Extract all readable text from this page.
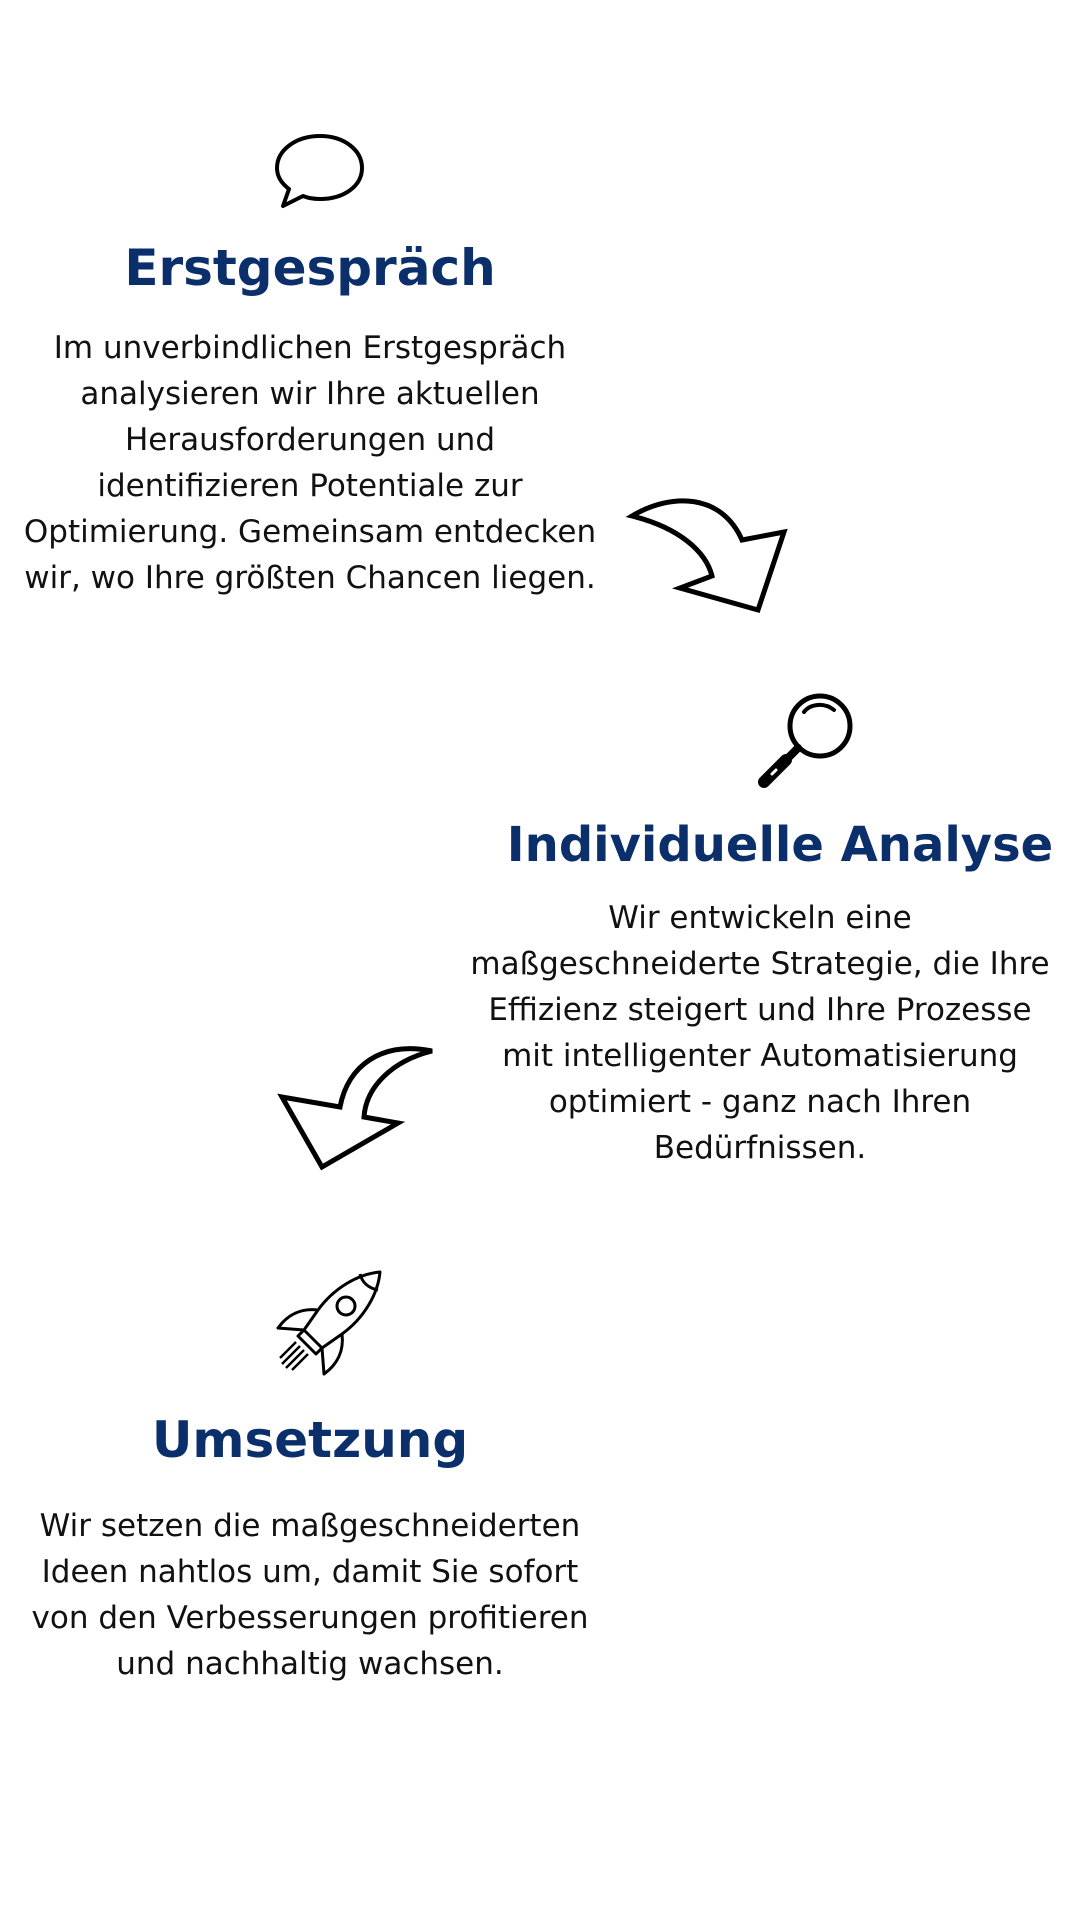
Erstgespräch

Im unverbindlichen Erstgespräch analysieren wir Ihre aktuellen Herausforderungen und identifizieren Potentiale zur Optimierung. Gemeinsam entdecken wir, wo Ihre größten Chancen liegen.

Individuelle Analyse

Wir entwickeln eine maßgeschneiderte Strategie, die Ihre Effizienz steigert und Ihre Prozesse mit intelligenter Automatisierung optimiert - ganz nach Ihren Bedürfnissen.

Umsetzung

Wir setzen die maßgeschneiderten Ideen nahtlos um, damit Sie sofort von den Verbesserungen profitieren und nachhaltig wachsen.
